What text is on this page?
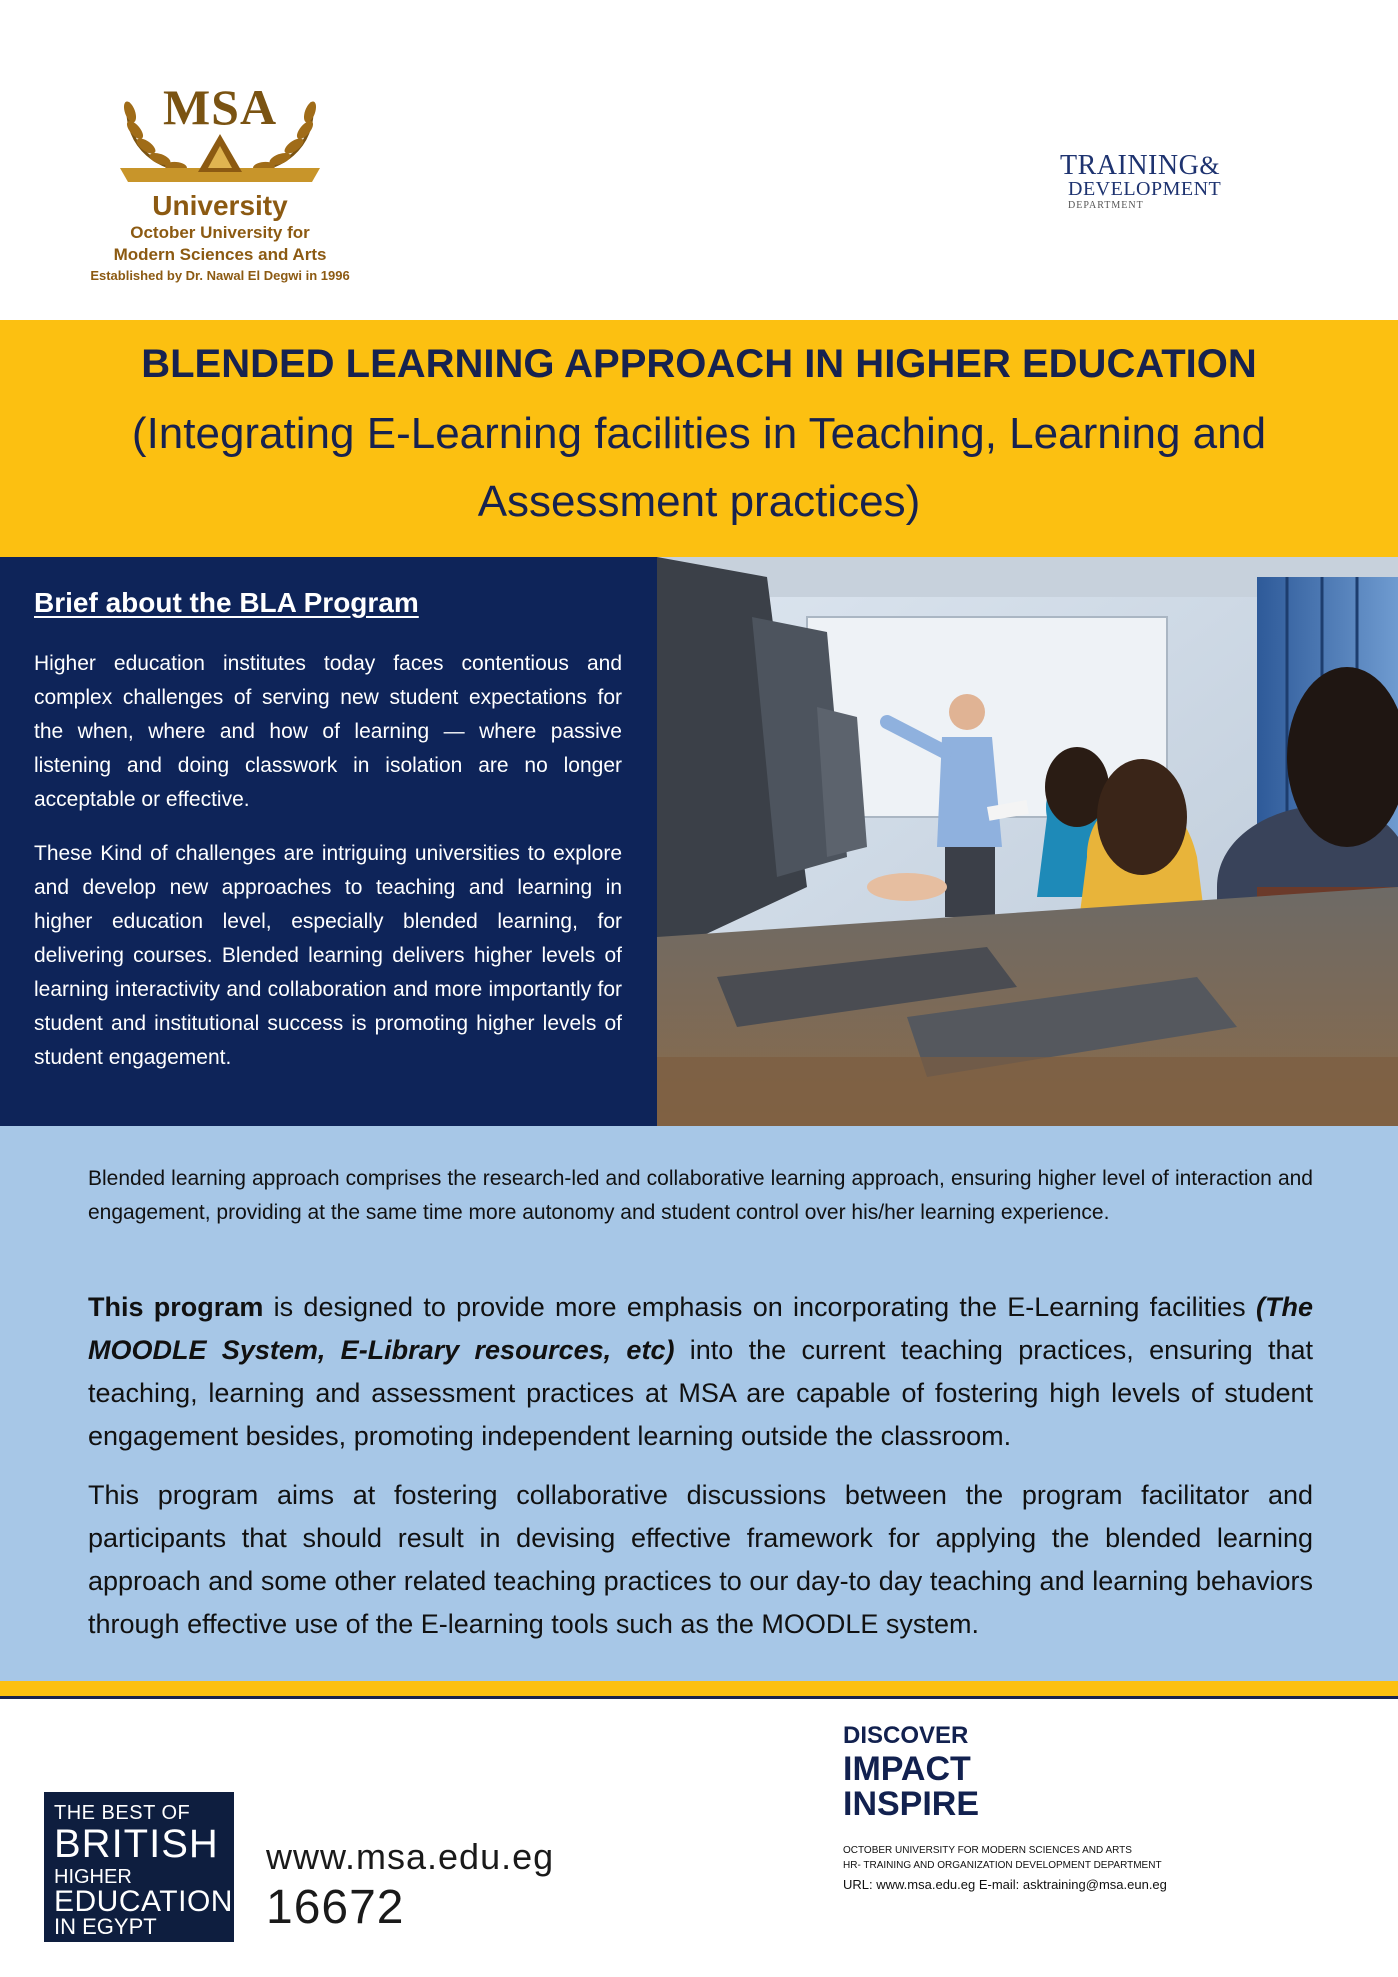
MSA
University
October University for
Modern Sciences and Arts
Established by Dr. Nawal El Degwi in 1996
TRAINING&
DEVELOPMENT
DEPARTMENT
BLENDED LEARNING APPROACH IN HIGHER EDUCATION
(Integrating E-Learning facilities in Teaching, Learning and Assessment practices)
Brief about the BLA Program
Higher education institutes today faces contentious and complex challenges of serving new student expectations for the when, where and how of learning — where passive listening and doing classwork in isolation are no longer acceptable or effective.
These Kind of challenges are intriguing universities to explore and develop new approaches to teaching and learning in higher education level, especially blended learning, for delivering courses. Blended learning delivers higher levels of learning interactivity and collaboration and more importantly for student and institutional success is promoting higher levels of student engagement.
Blended learning approach comprises the research-led and collaborative learning approach, ensuring higher level of interaction and engagement, providing at the same time more autonomy and student control over his/her learning experience.
This program is designed to provide more emphasis on incorporating the E-Learning facilities (The MOODLE System, E-Library resources, etc) into the current teaching practices, ensuring that teaching, learning and assessment practices at MSA are capable of fostering high levels of student engagement besides, promoting independent learning outside the classroom.
This program aims at fostering collaborative discussions between the program facilitator and participants that should result in devising effective framework for applying the blended learning approach and some other related teaching practices to our day-to day teaching and learning behaviors through effective use of the E-learning tools such as the MOODLE system.
THE BEST OF
BRITISH
HIGHER
EDUCATION
IN EGYPT
www.msa.edu.eg
16672
DISCOVER
IMPACT
INSPIRE
OCTOBER UNIVERSITY FOR MODERN SCIENCES AND ARTS
HR- TRAINING AND ORGANIZATION DEVELOPMENT DEPARTMENT
URL: www.msa.edu.eg E-mail: asktraining@msa.eun.eg
